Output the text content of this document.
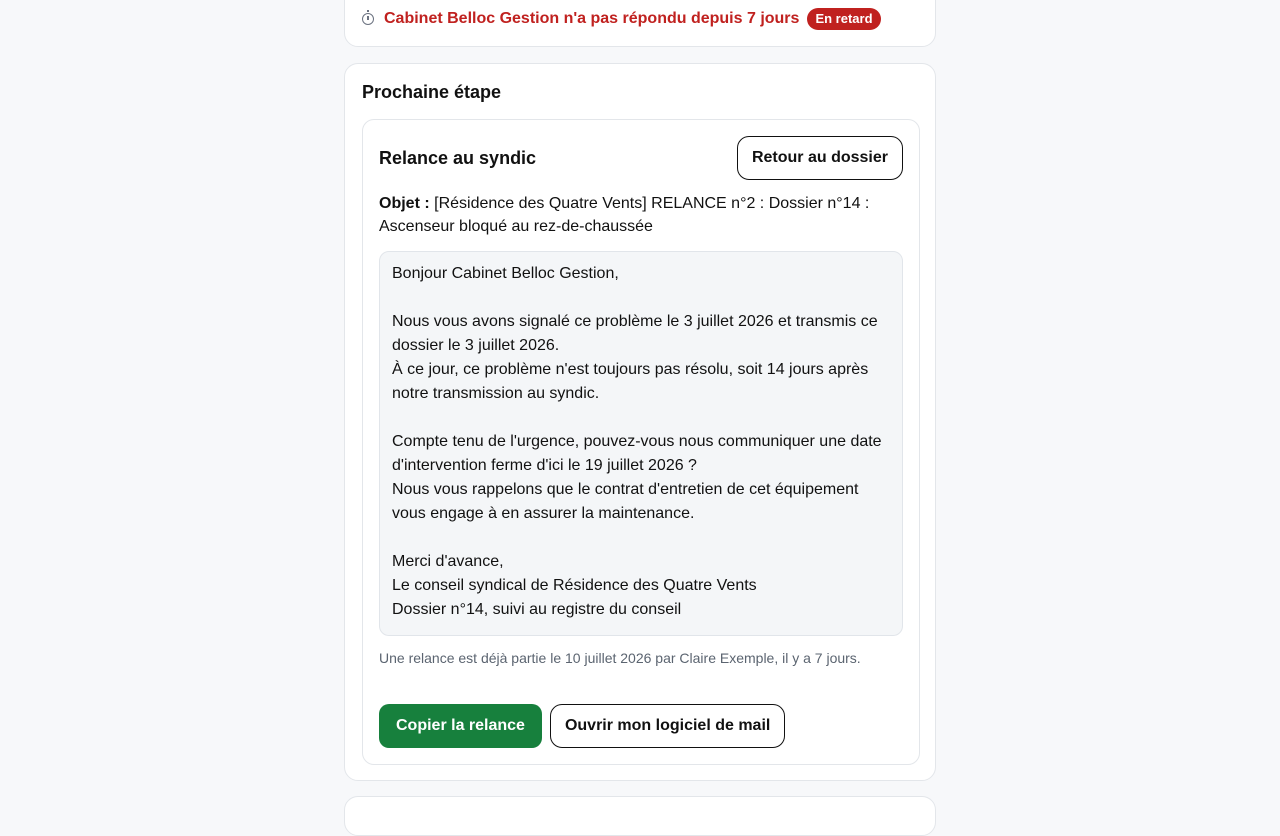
Cabinet Belloc Gestion n'a pas répondu depuis 7 jours	En retard
Prochaine étape
Relance au syndic	Retour au dossier
Objet : [Résidence des Quatre Vents] RELANCE n°2 : Dossier n°14 : Ascenseur bloqué au rez-de-chaussée
Bonjour Cabinet Belloc Gestion,

Nous vous avons signalé ce problème le 3 juillet 2026 et transmis ce dossier le 3 juillet 2026.
À ce jour, ce problème n'est toujours pas résolu, soit 14 jours après notre transmission au syndic.

Compte tenu de l'urgence, pouvez-vous nous communiquer une date d'intervention ferme d'ici le 19 juillet 2026 ?
Nous vous rappelons que le contrat d'entretien de cet équipement vous engage à en assurer la maintenance.

Merci d'avance,
Le conseil syndical de Résidence des Quatre Vents
Dossier n°14, suivi au registre du conseil
Une relance est déjà partie le 10 juillet 2026 par Claire Exemple, il y a 7 jours.
Copier la relance	Ouvrir mon logiciel de mail
